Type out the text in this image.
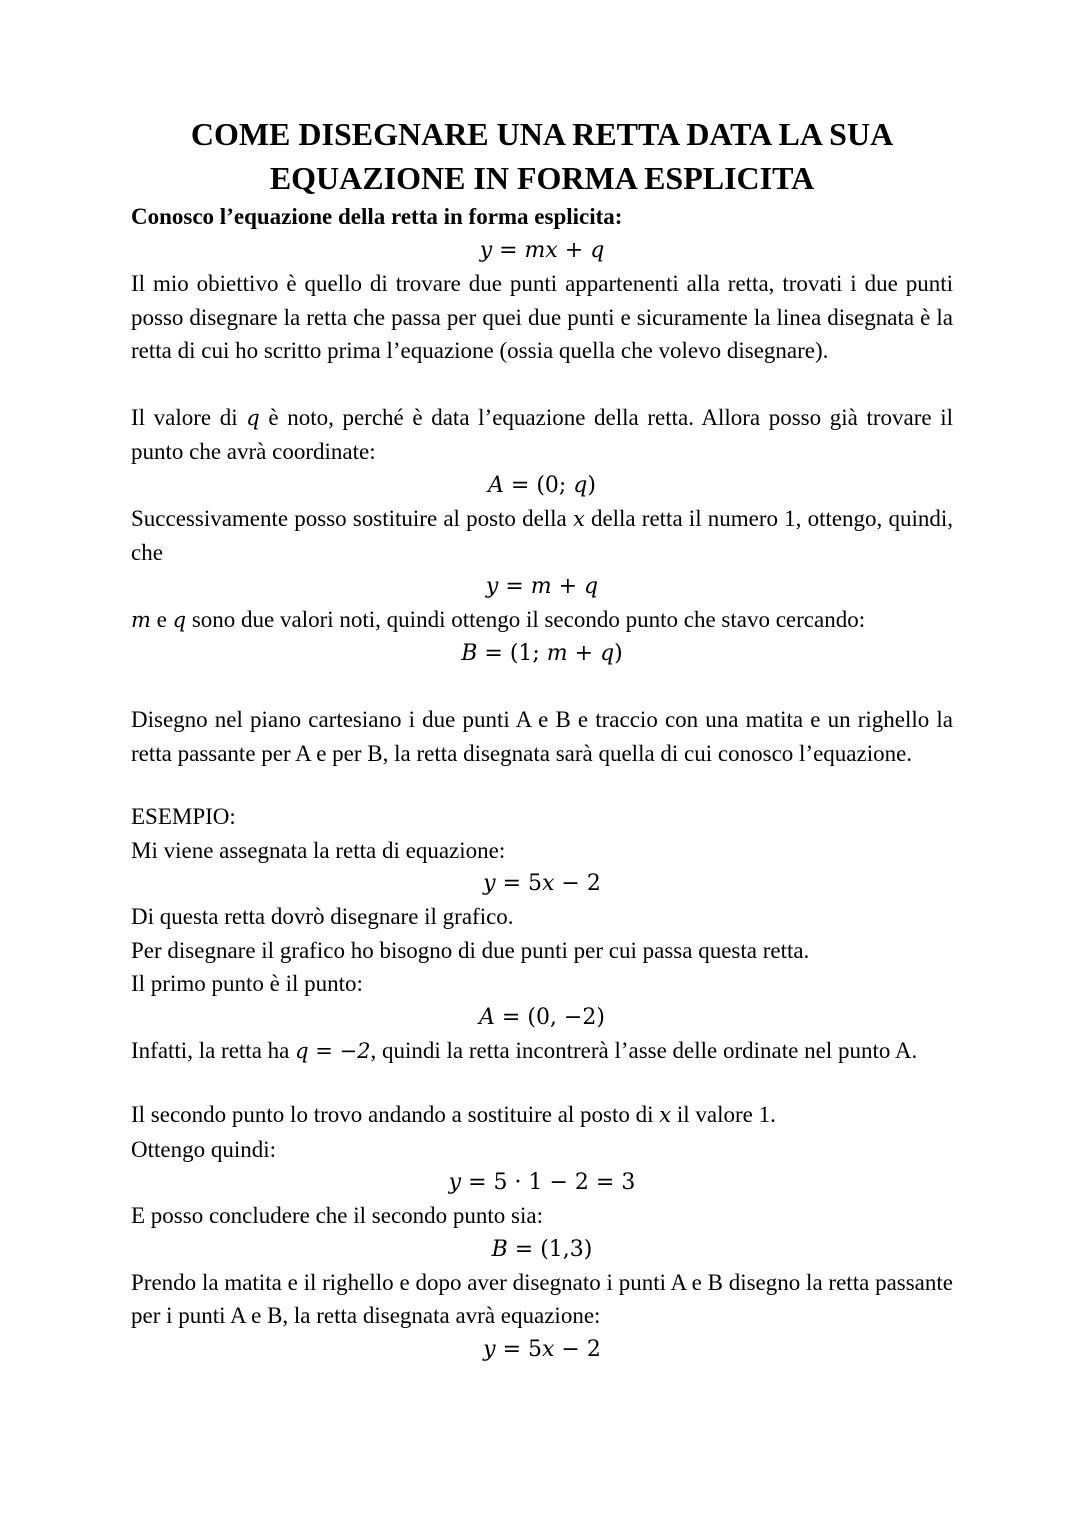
COME DISEGNARE UNA RETTA DATA LA SUA
EQUAZIONE IN FORMA ESPLICITA

Conosco l’equazione della retta in forma esplicita:

𝑦 = 𝑚𝑥 + 𝑞

Il mio obiettivo è quello di trovare due punti appartenenti alla retta, trovati i due punti posso disegnare la retta che passa per quei due punti e sicuramente la linea disegnata è la retta di cui ho scritto prima l’equazione (ossia quella che volevo disegnare).

Il valore di 𝑞 è noto, perché è data l’equazione della retta. Allora posso già trovare il punto che avrà coordinate:

𝐴 = (0; 𝑞)

Successivamente posso sostituire al posto della 𝑥 della retta il numero 1, ottengo, quindi, che

𝑦 = 𝑚 + 𝑞

𝑚 e 𝑞 sono due valori noti, quindi ottengo il secondo punto che stavo cercando:

𝐵 = (1; 𝑚 + 𝑞)

Disegno nel piano cartesiano i due punti A e B e traccio con una matita e un righello la retta passante per A e per B, la retta disegnata sarà quella di cui conosco l’equazione.

ESEMPIO:

Mi viene assegnata la retta di equazione:

𝑦 = 5𝑥 − 2

Di questa retta dovrò disegnare il grafico.

Per disegnare il grafico ho bisogno di due punti per cui passa questa retta.

Il primo punto è il punto:

𝐴 = (0, −2)

Infatti, la retta ha 𝑞 = −2, quindi la retta incontrerà l’asse delle ordinate nel punto A.

Il secondo punto lo trovo andando a sostituire al posto di 𝑥 il valore 1.

Ottengo quindi:

𝑦 = 5 · 1 − 2 = 3

E posso concludere che il secondo punto sia:

𝐵 = (1,3)

Prendo la matita e il righello e dopo aver disegnato i punti A e B disegno la retta passante per i punti A e B, la retta disegnata avrà equazione:

𝑦 = 5𝑥 − 2
